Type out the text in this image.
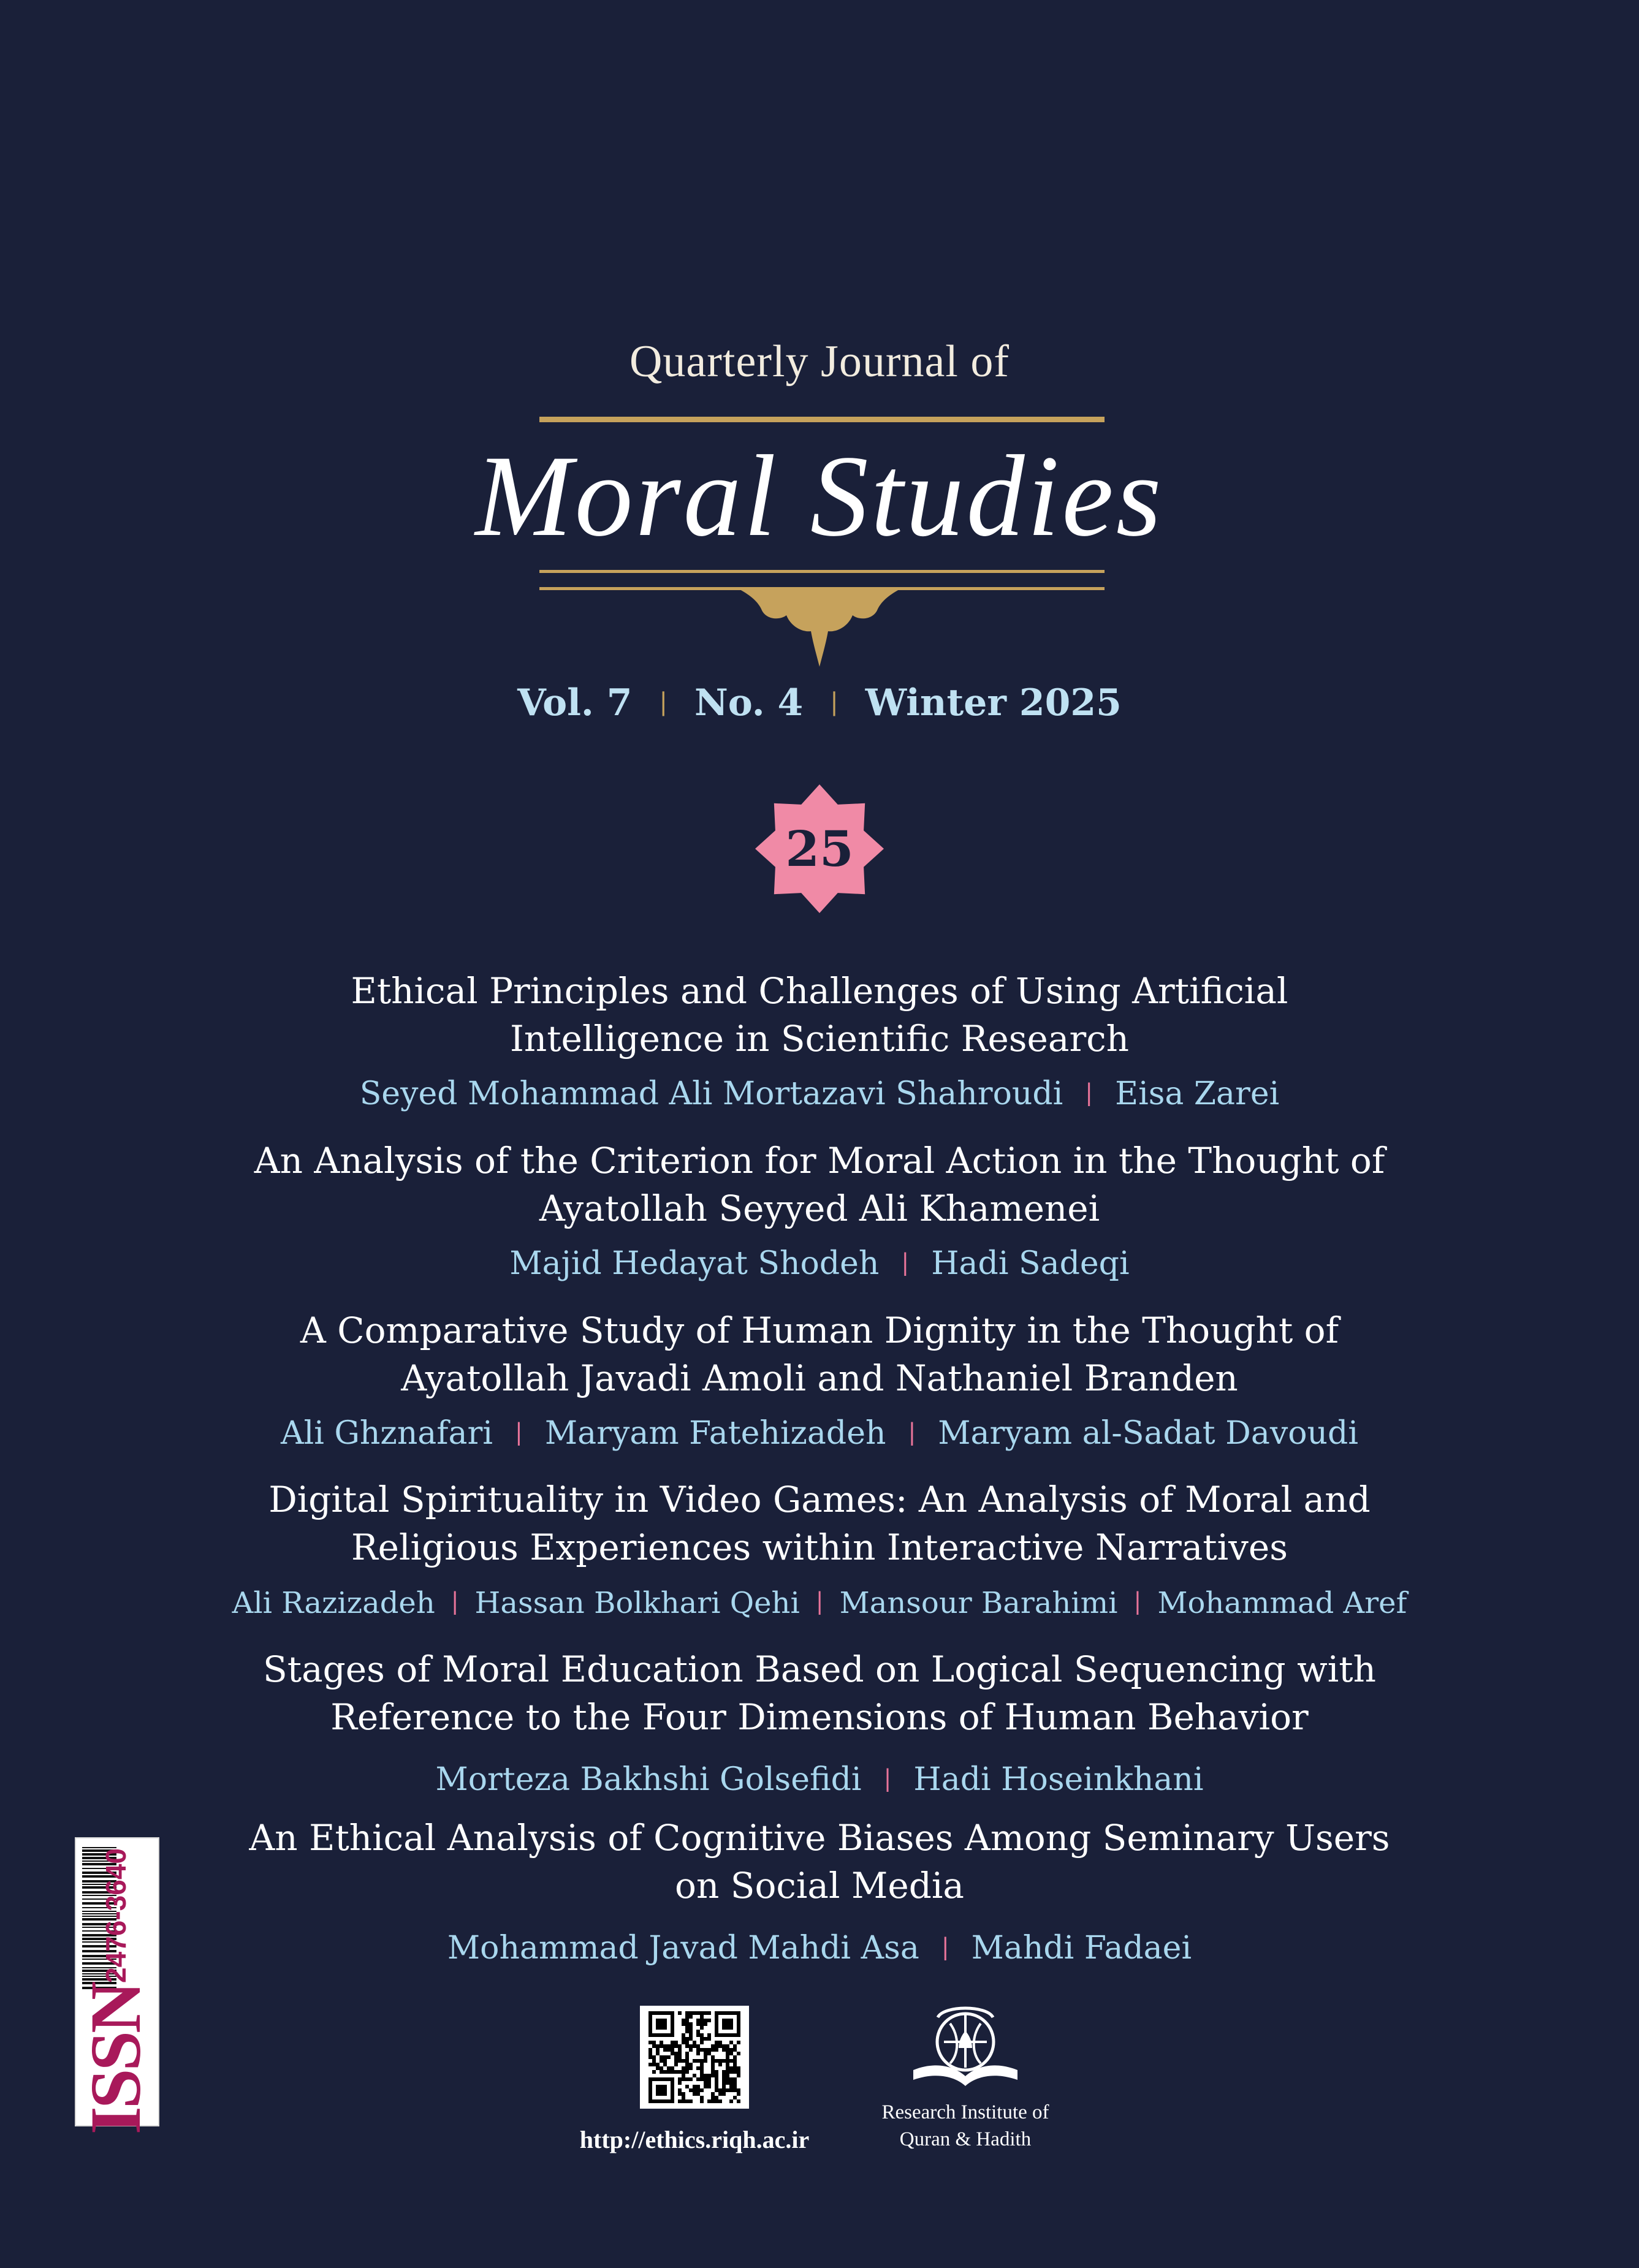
Quarterly Journal of
Moral Studies
Vol. 7 | No. 4 | Winter 2025
25

Ethical Principles and Challenges of Using Artificial
Intelligence in Scientific Research

Seyed Mohammad Ali Mortazavi Shahroudi | Eisa Zarei

An Analysis of the Criterion for Moral Action in the Thought of
Ayatollah Seyyed Ali Khamenei

Majid Hedayat Shodeh | Hadi Sadeqi

A Comparative Study of Human Dignity in the Thought of
Ayatollah Javadi Amoli and Nathaniel Branden

Ali Ghznafari | Maryam Fatehizadeh | Maryam al-Sadat Davoudi

Digital Spirituality in Video Games: An Analysis of Moral and
Religious Experiences within Interactive Narratives

Ali Razizadeh | Hassan Bolkhari Qehi | Mansour Barahimi | Mohammad Aref

Stages of Moral Education Based on Logical Sequencing with
Reference to the Four Dimensions of Human Behavior

Morteza Bakhshi Golsefidi | Hadi Hoseinkhani

An Ethical Analysis of Cognitive Biases Among Seminary Users
on Social Media

Mohammad Javad Mahdi Asa | Mahdi Fadaei
http://ethics.riqh.ac.ir
Research Institute of
Quran & Hadith
2476-3640
ISSN
